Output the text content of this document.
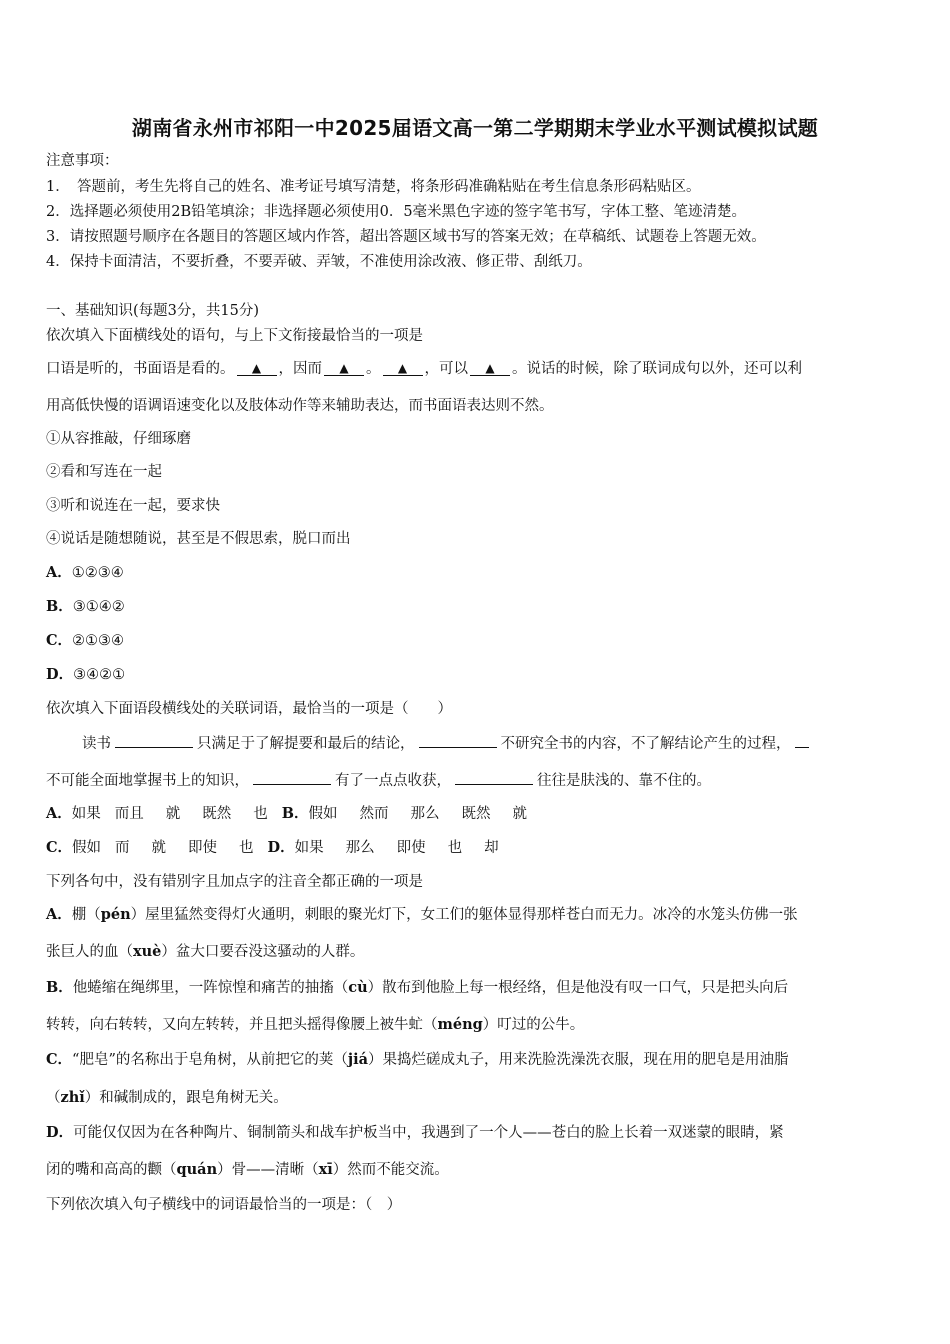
湖南省永州市祁阳一中2025届语文高一第二学期期末学业水平测试模拟试题
注意事项：
1．　答题前，考生先将自己的姓名、准考证号填写清楚，将条形码准确粘贴在考生信息条形码粘贴区。
2．选择题必须使用2B铅笔填涂；非选择题必须使用0．5毫米黑色字迹的签字笔书写，字体工整、笔迹清楚。
3．请按照题号顺序在各题目的答题区域内作答，超出答题区域书写的答案无效；在草稿纸、试题卷上答题无效。
4．保持卡面清洁，不要折叠，不要弄破、弄皱，不准使用涂改液、修正带、刮纸刀。
一、基础知识(每题3分，共15分)
依次填入下面横线处的语句，与上下文衔接最恰当的一项是
口语是听的，书面语是看的。 ▲ ，因而 ▲ 。 ▲ ，可以 ▲ 。说话的时候，除了联词成句以外，还可以利
用高低快慢的语调语速变化以及肢体动作等来辅助表达，而书面语表达则不然。
①从容推敲，仔细琢磨
②看和写连在一起
③听和说连在一起，要求快
④说话是随想随说，甚至是不假思索，脱口而出
A．①②③④
B．③①④②
C．②①③④
D．③④②①
依次填入下面语段横线处的关联词语，最恰当的一项是（　　）
读书	只满足于了解提要和最后的结论，	不研究全书的内容，不了解结论产生的过程，
不可能全面地掌握书上的知识，	有了一点点收获，	往往是肤浅的、靠不住的。
A．如果 而且 就 既然 也 B．假如 然而 那么 既然 就
C．假如 而 就 即使 也 D．如果 那么 即使 也 却
下列各句中，没有错别字且加点字的注音全都正确的一项是
A．棚（pén）屋里猛然变得灯火通明，刺眼的聚光灯下，女工们的躯体显得那样苍白而无力。冰冷的水笼头仿佛一张
张巨人的血（xuè）盆大口要吞没这骚动的人群。
B．他蜷缩在绳绑里，一阵惊惶和痛苦的抽搐（cù）散布到他脸上每一根经络，但是他没有叹一口气，只是把头向后
转转，向右转转，又向左转转，并且把头摇得像腰上被牛虻（méng）叮过的公牛。
C．“肥皂”的名称出于皂角树，从前把它的荚（jiá）果捣烂磋成丸子，用来洗脸洗澡洗衣服，现在用的肥皂是用油脂
（zhǐ）和碱制成的，跟皂角树无关。
D．可能仅仅因为在各种陶片、铜制箭头和战车护板当中，我遇到了一个人——苍白的脸上长着一双迷蒙的眼睛，紧
闭的嘴和高高的颧（quán）骨——清晰（xī）然而不能交流。
下列依次填入句子横线中的词语最恰当的一项是：（　）
